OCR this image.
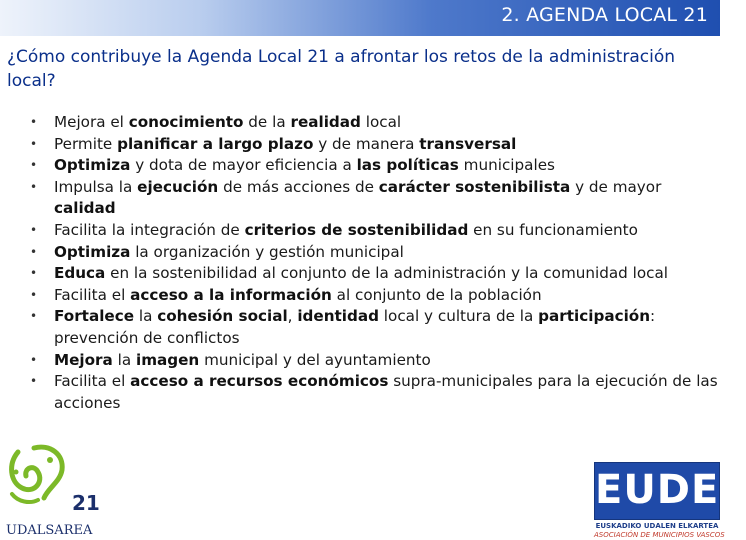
2. AGENDA LOCAL 21
¿Cómo contribuye la Agenda Local 21 a afrontar los retos de la administración local?
• Mejora el conocimiento de la realidad local
• Permite planificar a largo plazo y de manera transversal
• Optimiza y dota de mayor eficiencia a las políticas municipales
• Impulsa la ejecución de más acciones de carácter sostenibilista y de mayor calidad
• Facilita la integración de criterios de sostenibilidad en su funcionamiento
• Optimiza la organización y gestión municipal
• Educa en la sostenibilidad al conjunto de la administración y la comunidad local
• Facilita el acceso a la información al conjunto de la población
• Fortalece la cohesión social, identidad local y cultura de la participación: prevención de conflictos
• Mejora la imagen municipal y del ayuntamiento
• Facilita el acceso a recursos económicos supra-municipales para la ejecución de las acciones
21
UDALSAREA
EUDEL
EUSKADIKO UDALEN ELKARTEA
ASOCIACIÓN DE MUNICIPIOS VASCOS
